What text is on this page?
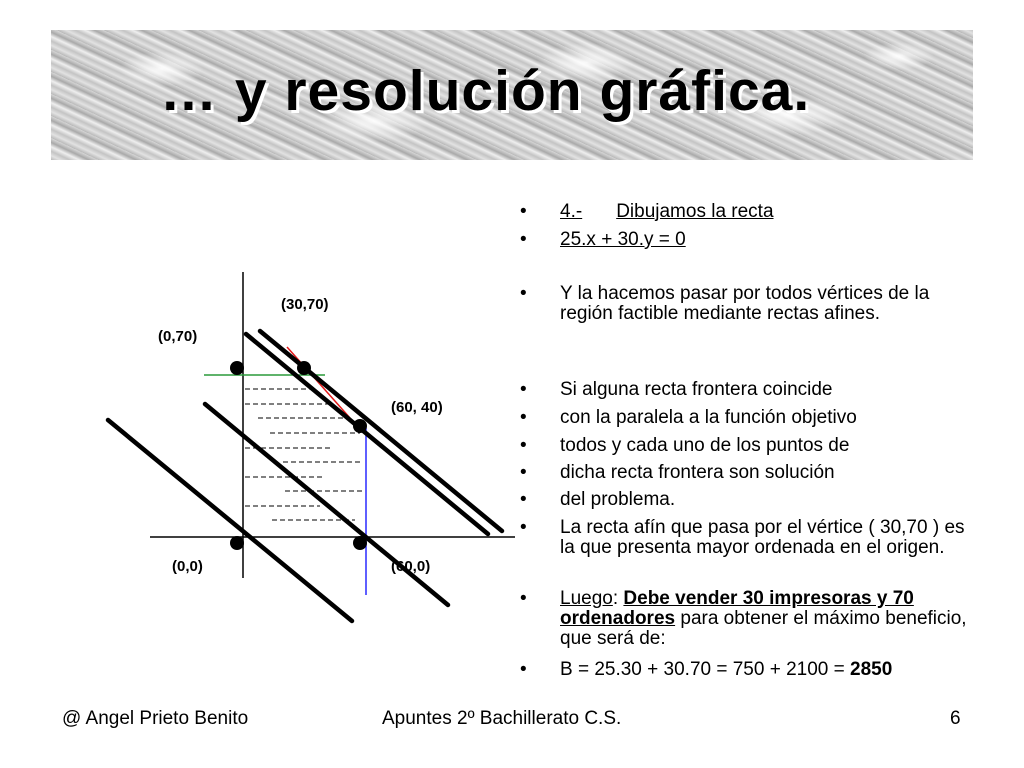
… y resolución gráfica.
(30,70)
(0,70)
(60, 40)
(0,0)	(60,0)
• 4.- Dibujamos la recta
• 25.x + 30.y = 0
• Y la hacemos pasar por todos vértices de la región factible mediante rectas afines.
• Si alguna recta frontera coincide
• con la paralela a la función objetivo
• todos y cada uno de los puntos de
• dicha recta frontera son solución
• del problema.
• La recta afín que pasa por el vértice ( 30,70 ) es la que presenta mayor ordenada en el origen.
• Luego: Debe vender 30 impresoras y 70 ordenadores para obtener el máximo beneficio, que será de:
• B = 25.30 + 30.70 = 750 + 2100 = 2850
@ Angel Prieto Benito	Apuntes 2º Bachillerato C.S.	6
